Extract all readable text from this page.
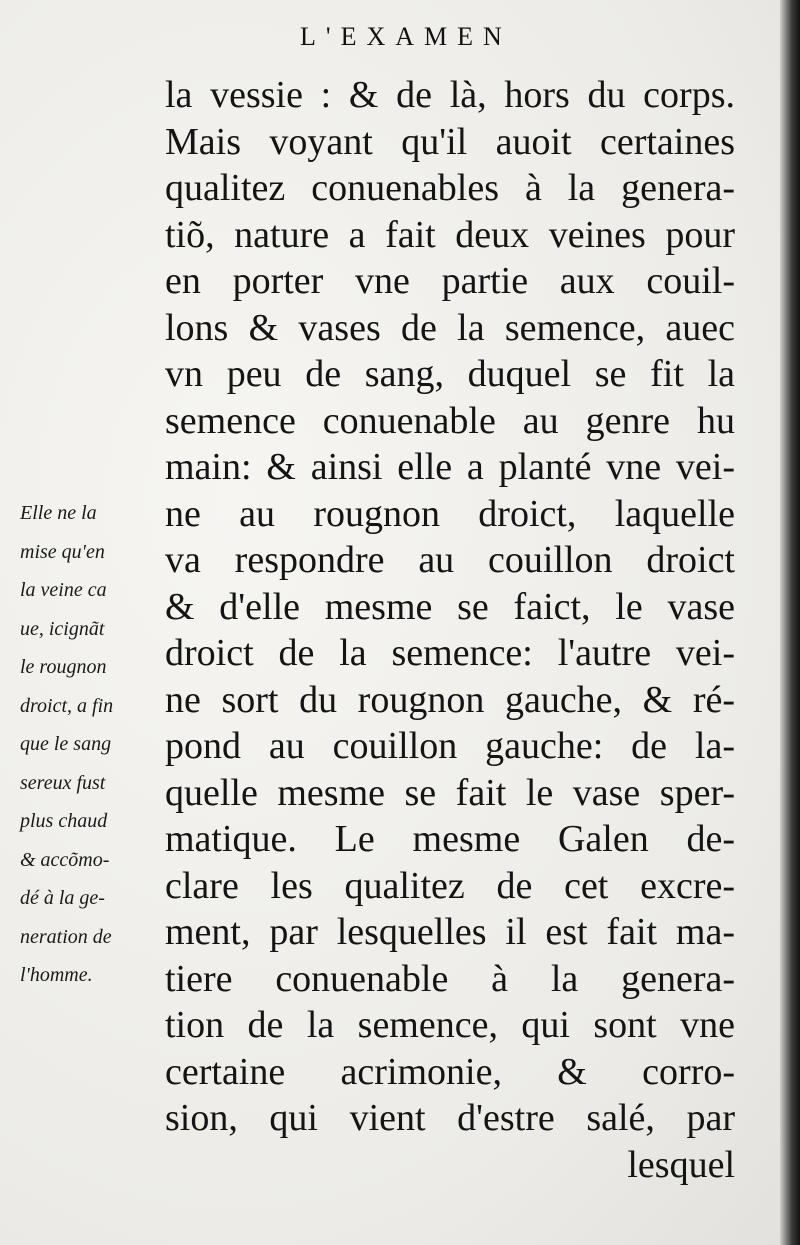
L'EXAMEN
la vessie : & de là, hors du corps.
Mais voyant qu'il auoit certaines
qualitez conuenables à la genera-
tiõ, nature a fait deux veines pour
en porter vne partie aux couil-
lons & vases de la semence, auec
vn peu de sang, duquel se fit la
semence conuenable au genre hu
main: & ainsi elle a planté vne vei-
ne au rougnon droict, laquelle
va respondre au couillon droict
& d'elle mesme se faict, le vase
droict de la semence: l'autre vei-
ne sort du rougnon gauche, & ré-
pond au couillon gauche: de la-
quelle mesme se fait le vase sper-
matique. Le mesme Galen de-
clare les qualitez de cet excre-
ment, par lesquelles il est fait ma-
tiere conuenable à la genera-
tion de la semence, qui sont vne
certaine acrimonie, & corro-
sion, qui vient d'estre salé, par
lesquel
Elle ne la
mise qu'en
la veine ca
ue, icignãt
le rougnon
droict, a fin
que le sang
sereux fust
plus chaud
& accõmo-
dé à la ge-
neration de
l'homme.
